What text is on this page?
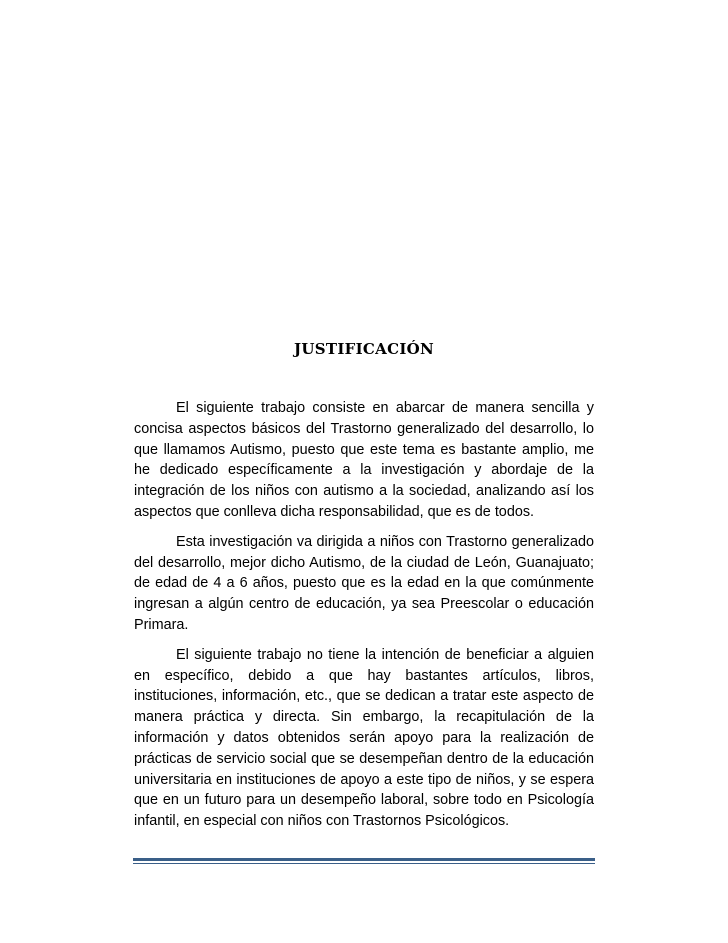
JUSTIFICACIÓN

El siguiente trabajo consiste en abarcar de manera sencilla y concisa aspectos básicos del Trastorno generalizado del desarrollo, lo que llamamos Autismo, puesto que este tema es bastante amplio, me he dedicado específicamente a la investigación y abordaje de la integración de los niños con autismo a la sociedad, analizando así los aspectos que conlleva dicha responsabilidad, que es de todos.

Esta investigación va dirigida a niños con Trastorno generalizado del desarrollo, mejor dicho Autismo, de la ciudad de León, Guanajuato; de edad de 4 a 6 años, puesto que es la edad en la que comúnmente ingresan a algún centro de educación, ya sea Preescolar o educación Primara.

El siguiente trabajo no tiene la intención de beneficiar a alguien en específico, debido a que hay bastantes artículos, libros, instituciones, información, etc., que se dedican a tratar este aspecto de manera práctica y directa. Sin embargo, la recapitulación de la información y datos obtenidos serán apoyo para la realización de prácticas de servicio social que se desempeñan dentro de la educación universitaria en instituciones de apoyo a este tipo de niños, y se espera que en un futuro para un desempeño laboral, sobre todo en Psicología infantil, en especial con niños con Trastornos Psicológicos.
